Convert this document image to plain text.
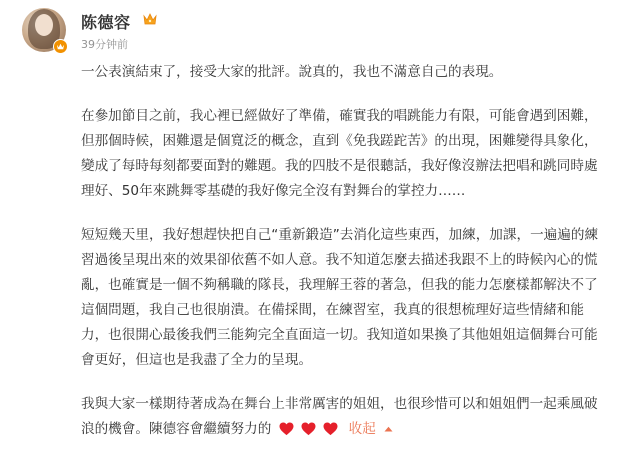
陈德容
39分钟前

一公表演結束了，接受大家的批評。說真的，我也不滿意自己的表現。

在參加節目之前，我心裡已經做好了準備，確實我的唱跳能力有限，可能會遇到困難，
但那個時候，困難還是個寬泛的概念，直到《免我蹉跎苦》的出現，困難變得具象化，
變成了每時每刻都要面對的難題。我的四肢不是很聽話，我好像沒辦法把唱和跳同時處
理好、50年來跳舞零基礎的我好像完全沒有對舞台的掌控力……

短短幾天里，我好想趕快把自己“重新鍛造”去消化這些東西，加練，加課，一遍遍的練
習過後呈現出來的效果卻依舊不如人意。我不知道怎麼去描述我跟不上的時候內心的慌
亂，也確實是一個不夠稱職的隊長，我理解王蓉的著急，但我的能力怎麼樣都解決不了
這個問題，我自己也很崩潰。在備採間，在練習室，我真的很想梳理好這些情緒和能
力，也很開心最後我們三能夠完全直面這一切。我知道如果換了其他姐姐這個舞台可能
會更好，但這也是我盡了全力的呈現。

我與大家一樣期待著成為在舞台上非常厲害的姐姐，也很珍惜可以和姐姐們一起乘風破
浪的機會。陳德容會繼續努力的	收起
